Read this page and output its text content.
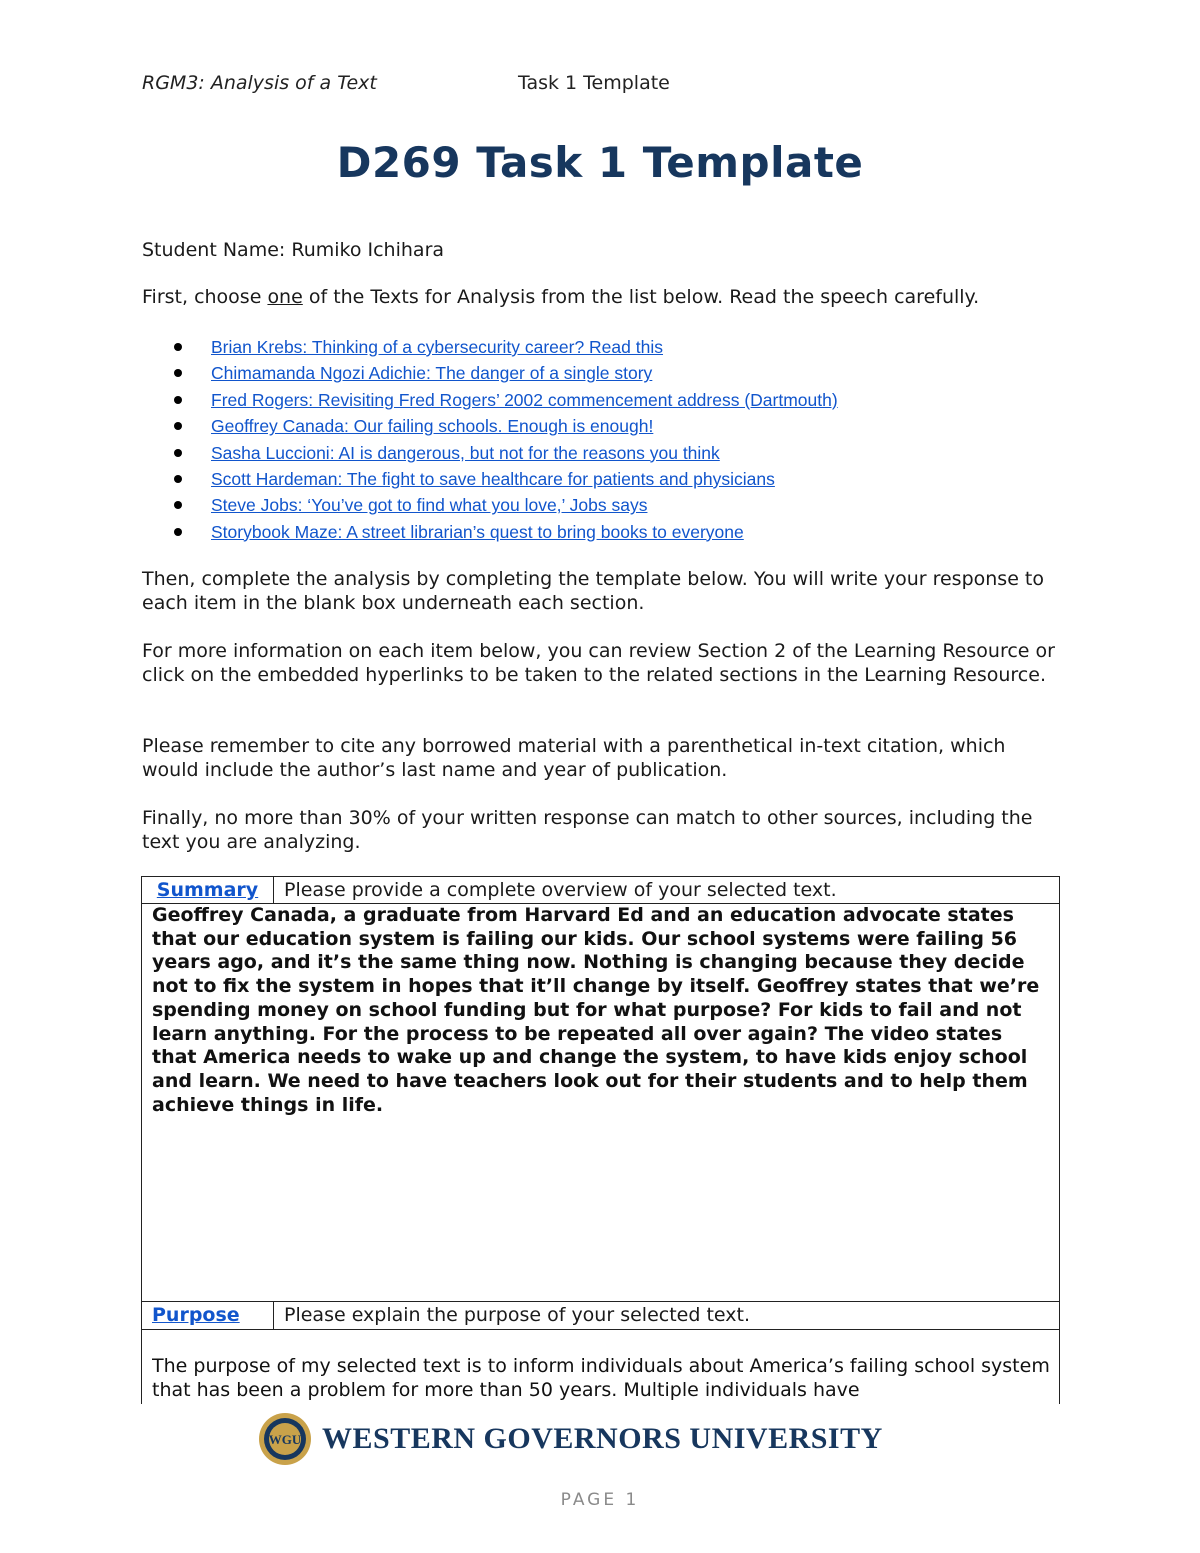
RGM3: Analysis of a Text	Task 1 Template
D269 Task 1 Template
Student Name: Rumiko Ichihara
First, choose one of the Texts for Analysis from the list below. Read the speech carefully.
Brian Krebs: Thinking of a cybersecurity career? Read this
Chimamanda Ngozi Adichie: The danger of a single story
Fred Rogers: Revisiting Fred Rogers’ 2002 commencement address (Dartmouth)
Geoffrey Canada: Our failing schools. Enough is enough!
Sasha Luccioni: AI is dangerous, but not for the reasons you think
Scott Hardeman: The fight to save healthcare for patients and physicians
Steve Jobs: ‘You’ve got to find what you love,’ Jobs says
Storybook Maze: A street librarian’s quest to bring books to everyone
Then, complete the analysis by completing the template below. You will write your response to each item in the blank box underneath each section.
For more information on each item below, you can review Section 2 of the Learning Resource or click on the embedded hyperlinks to be taken to the related sections in the Learning Resource.
Please remember to cite any borrowed material with a parenthetical in-text citation, which would include the author’s last name and year of publication.
Finally, no more than 30% of your written response can match to other sources, including the text you are analyzing.
Summary	Please provide a complete overview of your selected text.
Geoffrey Canada, a graduate from Harvard Ed and an education advocate states that our education system is failing our kids. Our school systems were failing 56 years ago, and it’s the same thing now. Nothing is changing because they decide not to fix the system in hopes that it’ll change by itself. Geoffrey states that we’re spending money on school funding but for what purpose? For kids to fail and not learn anything. For the process to be repeated all over again? The video states that America needs to wake up and change the system, to have kids enjoy school and learn. We need to have teachers look out for their students and to help them achieve things in life.
Purpose	Please explain the purpose of your selected text.
The purpose of my selected text is to inform individuals about America’s failing school system that has been a problem for more than 50 years. Multiple individuals have
WGU WESTERN GOVERNORS UNIVERSITY
PAGE 1
